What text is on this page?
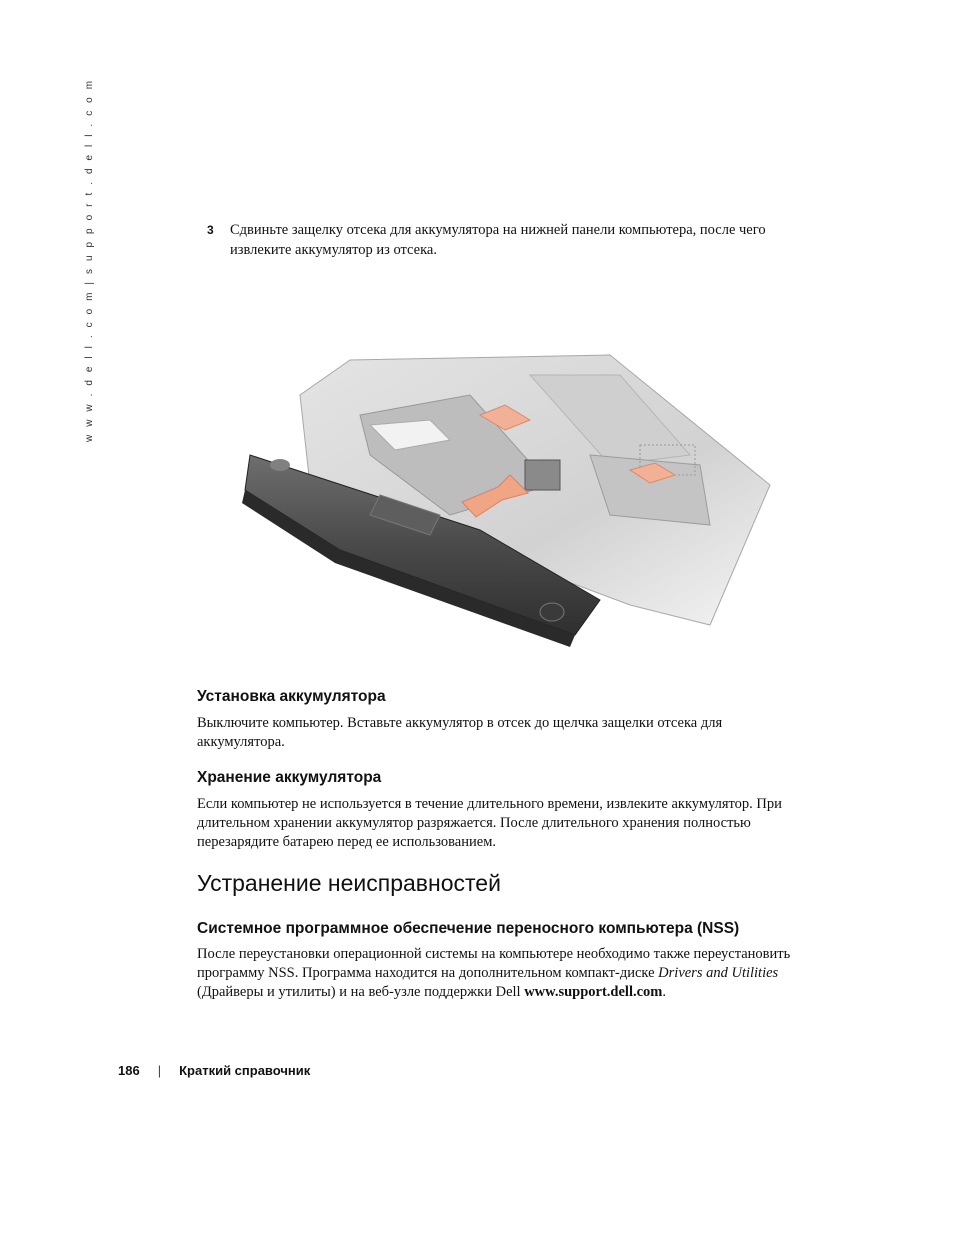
w w w . d e l l . c o m | s u p p o r t . d e l l . c o m	3 Сдвиньте защелку отсека для аккумулятора на нижней панели компьютера, после чего извлеките аккумулятор из отсека.
Установка аккумулятора
Выключите компьютер. Вставьте аккумулятор в отсек до щелчка защелки отсека для аккумулятора.
Хранение аккумулятора
Если компьютер не используется в течение длительного времени, извлеките аккумулятор. При длительном хранении аккумулятор разряжается. После длительного хранения полностью перезарядите батарею перед ее использованием.
Устранение неисправностей
Системное программное обеспечение переносного компьютера (NSS)
После переустановки операционной системы на компьютере необходимо также переустановить программу NSS. Программа находится на дополнительном компакт-диске Drivers and Utilities (Драйверы и утилиты) и на веб-узле поддержки Dell www.support.dell.com.
186 | Краткий справочник
